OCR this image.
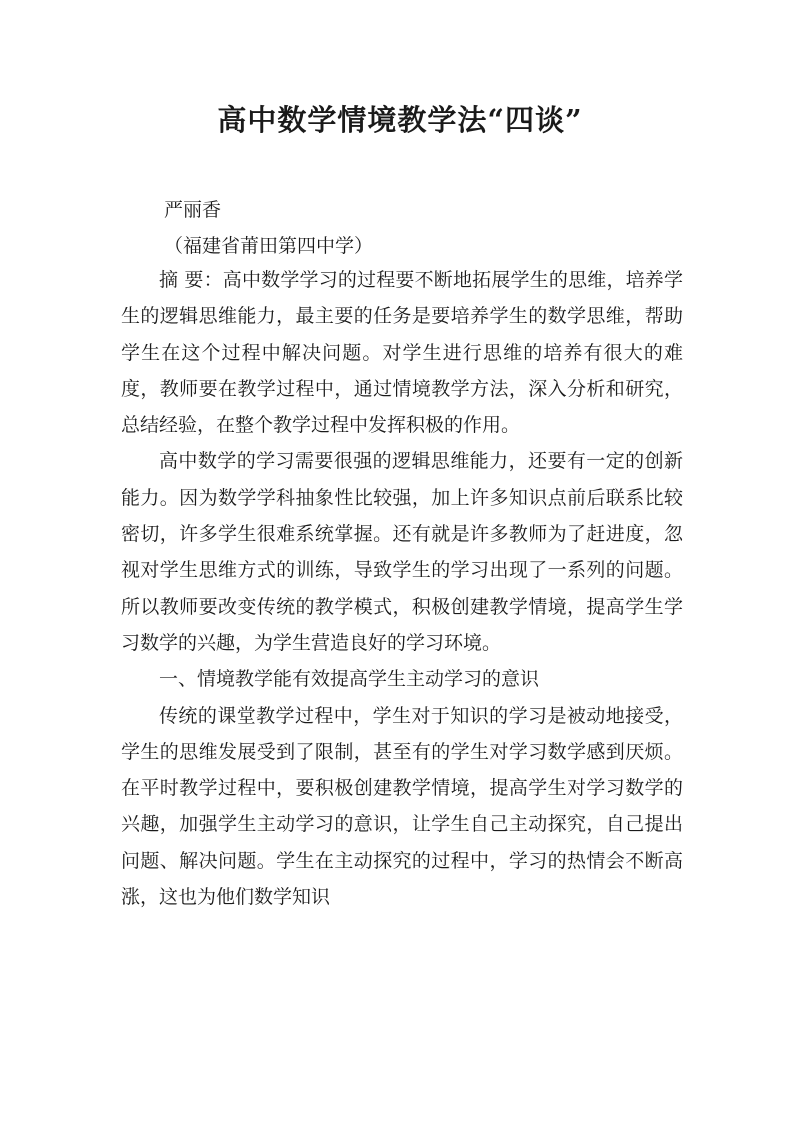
高中数学情境教学法“四谈”
严丽香
（福建省莆田第四中学）

摘 要：高中数学学习的过程要不断地拓展学生的思维，培养学生的逻辑思维能力，最主要的任务是要培养学生的数学思维，帮助学生在这个过程中解决问题。对学生进行思维的培养有很大的难度，教师要在教学过程中，通过情境教学方法，深入分析和研究，总结经验，在整个教学过程中发挥积极的作用。

高中数学的学习需要很强的逻辑思维能力，还要有一定的创新能力。因为数学学科抽象性比较强，加上许多知识点前后联系比较密切，许多学生很难系统掌握。还有就是许多教师为了赶进度，忽视对学生思维方式的训练，导致学生的学习出现了一系列的问题。所以教师要改变传统的教学模式，积极创建教学情境，提高学生学习数学的兴趣，为学生营造良好的学习环境。

一、情境教学能有效提高学生主动学习的意识

传统的课堂教学过程中，学生对于知识的学习是被动地接受，学生的思维发展受到了限制，甚至有的学生对学习数学感到厌烦。在平时教学过程中，要积极创建教学情境，提高学生对学习数学的兴趣，加强学生主动学习的意识，让学生自己主动探究，自己提出问题、解决问题。学生在主动探究的过程中，学习的热情会不断高涨，这也为他们数学知识
